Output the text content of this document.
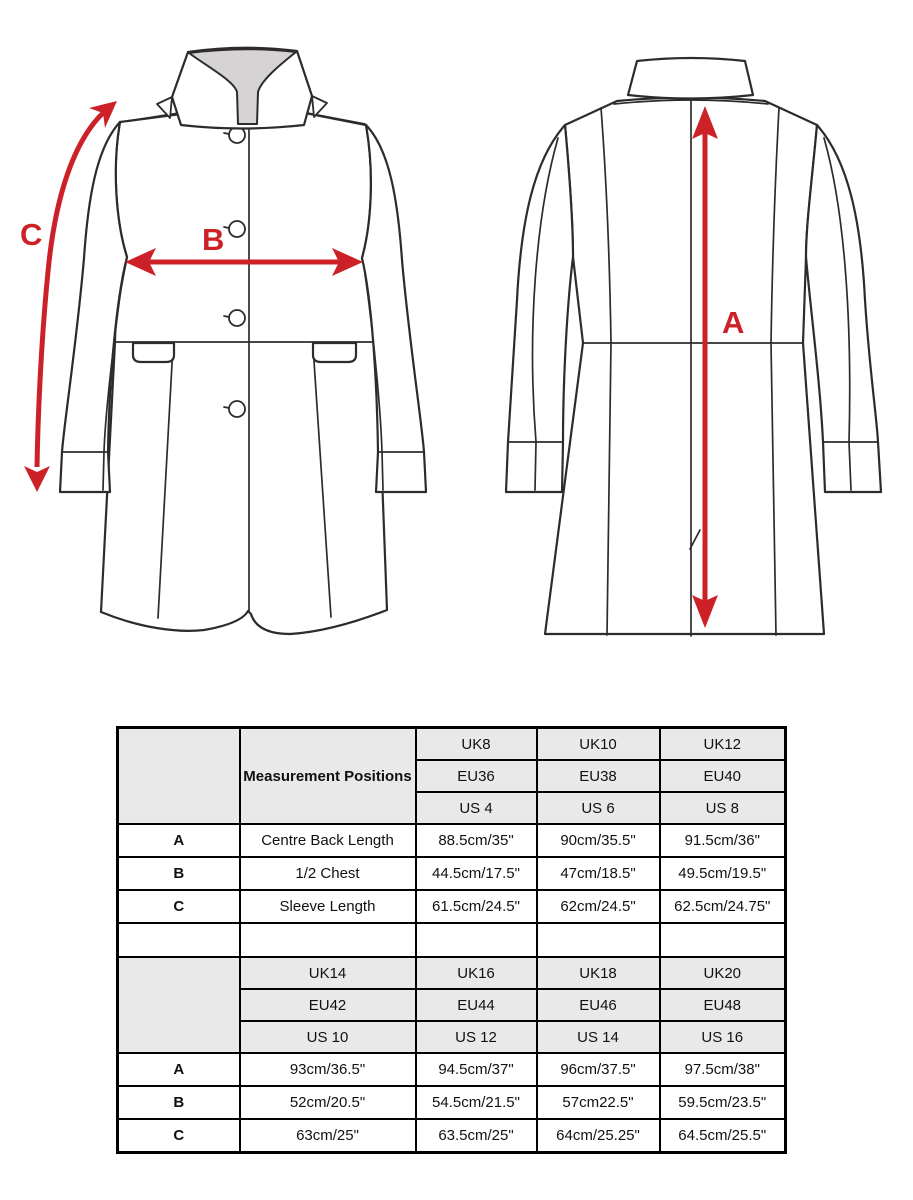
C	B
A
	Measurement Positions	UK8	UK10	UK12
		EU36	EU38	EU40
		US 4	US 6	US 8
A	Centre Back Length	88.5cm/35"	90cm/35.5"	91.5cm/36"
B	1/2 Chest	44.5cm/17.5"	47cm/18.5"	49.5cm/19.5"
C	Sleeve Length	61.5cm/24.5"	62cm/24.5"	62.5cm/24.75"

	UK14	UK16	UK18	UK20
	EU42	EU44	EU46	EU48
	US 10	US 12	US 14	US 16
A	93cm/36.5"	94.5cm/37"	96cm/37.5"	97.5cm/38"
B	52cm/20.5"	54.5cm/21.5"	57cm22.5"	59.5cm/23.5"
C	63cm/25"	63.5cm/25"	64cm/25.25"	64.5cm/25.5"
